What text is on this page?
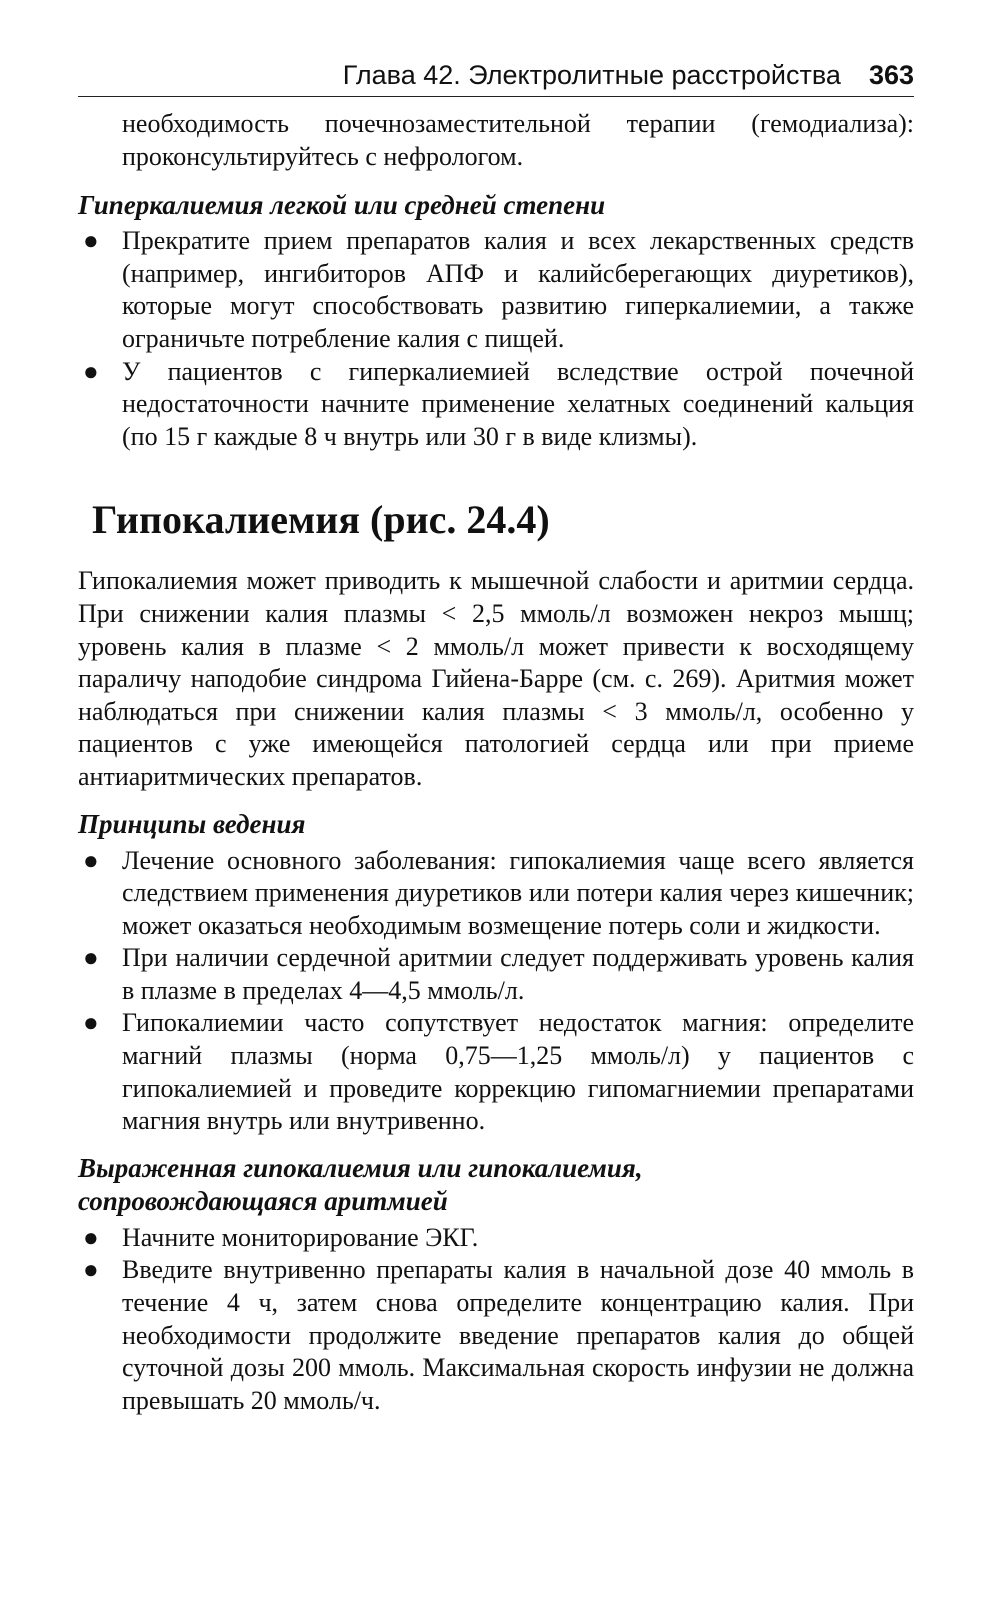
Глава 42. Электролитные расстройства 363

необходимость почечнозаместительной терапии (гемодиализа): проконсультируйтесь с нефрологом.

Гиперкалиемия легкой или средней степени

● Прекратите прием препаратов калия и всех лекарственных средств (например, ингибиторов АПФ и калийсберегающих диуретиков), которые могут способствовать развитию гиперкалиемии, а также ограничьте потребление калия с пищей.

● У пациентов с гиперкалиемией вследствие острой почечной недостаточности начните применение хелатных соединений кальция (по 15 г каждые 8 ч внутрь или 30 г в виде клизмы).

Гипокалиемия (рис. 24.4)

Гипокалиемия может приводить к мышечной слабости и аритмии сердца. При снижении калия плазмы < 2,5 ммоль/л возможен некроз мышц; уровень калия в плазме < 2 ммоль/л может привести к восходящему параличу наподобие синдрома Гийена-Барре (см. с. 269). Аритмия может наблюдаться при снижении калия плазмы < 3 ммоль/л, особенно у пациентов с уже имеющейся патологией сердца или при приеме антиаритмических препаратов.

Принципы ведения

● Лечение основного заболевания: гипокалиемия чаще всего является следствием применения диуретиков или потери калия через кишечник; может оказаться необходимым возмещение потерь соли и жидкости.

● При наличии сердечной аритмии следует поддерживать уровень калия в плазме в пределах 4—4,5 ммоль/л.

● Гипокалиемии часто сопутствует недостаток магния: определите магний плазмы (норма 0,75—1,25 ммоль/л) у пациентов с гипокалиемией и проведите коррекцию гипомагниемии препаратами магния внутрь или внутривенно.

Выраженная гипокалиемия или гипокалиемия,

сопровождающаяся аритмией

● Начните мониторирование ЭКГ.

● Введите внутривенно препараты калия в начальной дозе 40 ммоль в течение 4 ч, затем снова определите концентрацию калия. При необходимости продолжите введение препаратов калия до общей суточной дозы 200 ммоль. Максимальная скорость инфузии не должна превышать 20 ммоль/ч.
